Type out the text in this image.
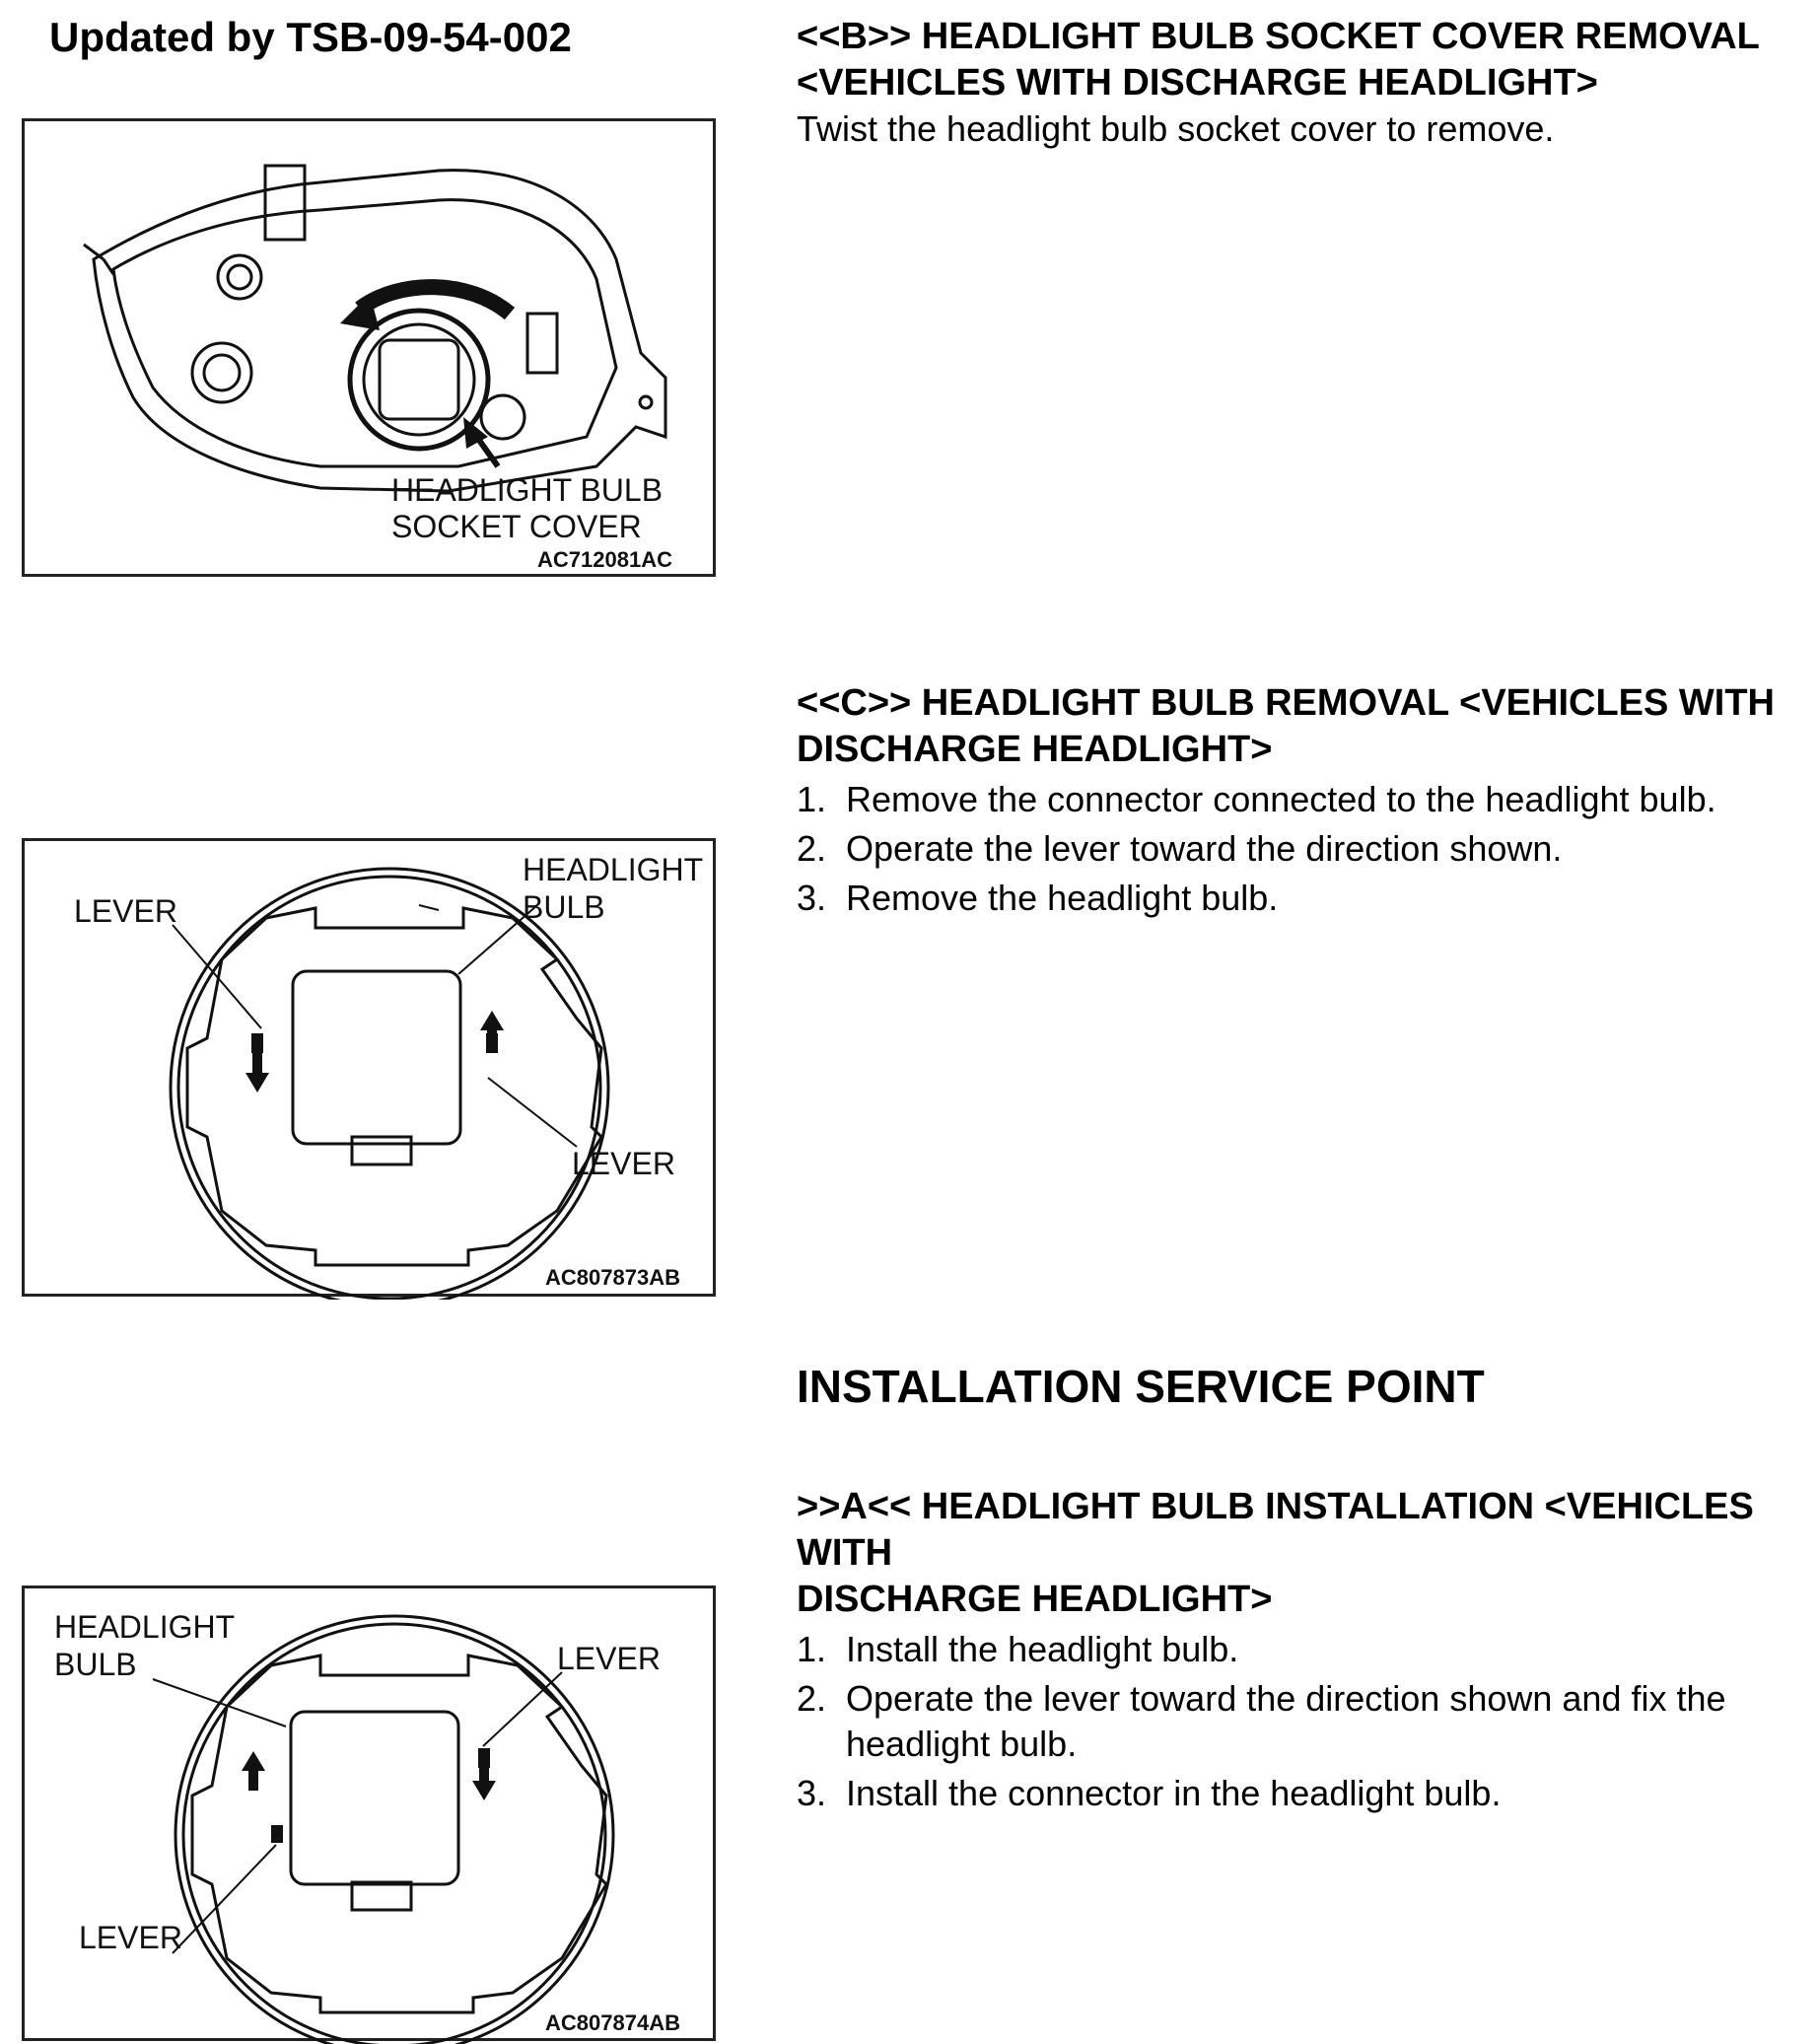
Updated by TSB-09-54-002
HEADLIGHT BULB
SOCKET COVER
AC712081AC
LEVER
HEADLIGHT
BULB
LEVER
AC807873AB
HEADLIGHT
BULB	LEVER
LEVER
AC807874AB

<<B>> HEADLIGHT BULB SOCKET COVER REMOVAL

<VEHICLES WITH DISCHARGE HEADLIGHT>

Twist the headlight bulb socket cover to remove.

<<C>> HEADLIGHT BULB REMOVAL <VEHICLES WITH

DISCHARGE HEADLIGHT>

1. Remove the connector connected to the headlight bulb.
2. Operate the lever toward the direction shown.
3. Remove the headlight bulb.
INSTALLATION SERVICE POINT

>>A<< HEADLIGHT BULB INSTALLATION <VEHICLES WITH

DISCHARGE HEADLIGHT>

1. Install the headlight bulb.
2. Operate the lever toward the direction shown and fix the headlight bulb.
3. Install the connector in the headlight bulb.
